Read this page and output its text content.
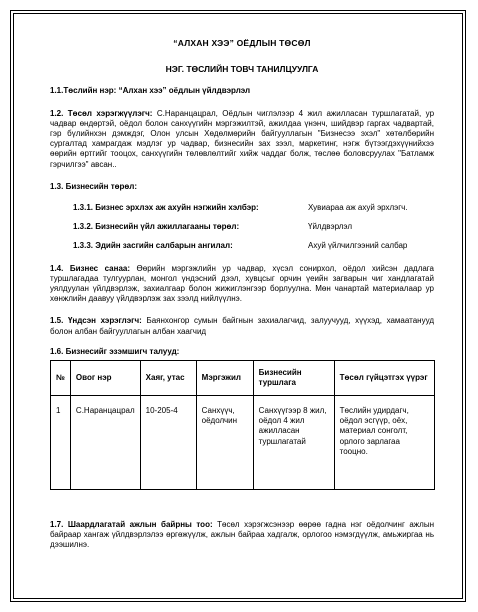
“АЛХАН ХЭЭ” ОЁДЛЫН ТӨСӨЛ
НЭГ. ТӨСЛИЙН ТОВЧ ТАНИЛЦУУЛГА
1.1.Төслийн нэр: “Алхан хээ” оёдлын үйлдвэрлэл
1.2. Төсөл хэрэгжүүлэгч: С.Наранцацрал, Оёдлын чиглэлээр 4 жил ажилласан туршлагатай, ур чадвар өндөртэй, оёдол болон санхүүгийн мэргэжилтэй, ажилдаа үнэнч, шийдвэр гаргах чадвартай, гэр бүлийнхэн дэмждэг, Олон улсын Хөдөлмөрийн байгууллагын "Бизнесээ эхэл" хөтөлбөрийн сургалтад хамрагдаж мэдлэг ур чадвар, бизнесийн зах зээл, маркетинг, нэгж бүтээгдэхүүнийхээ өөрийн өртгийг тооцох, санхүүгийн төлөвлөлтийг хийж чаддаг болж, төслөө боловсруулах "Батламж гэрчилгээ" авсан..
1.3. Бизнесийн төрөл:
1.3.1. Бизнес эрхлэх аж ахуйн нэгжийн хэлбэр:	Хувиараа аж ахуй эрхлэгч.
1.3.2. Бизнесийн үйл ажиллагааны төрөл:	Үйлдвэрлэл
1.3.3. Эдийн засгийн салбарын ангилал:	Ахуй үйлчилгээний салбар
1.4. Бизнес санаа: Өөрийн мэргэжлийн ур чадвар, хүсэл сонирхол, оёдол хийсэн дадлага туршлагадаа тулгуурлан, монгол үндэсний дээл, хувцсыг орчин үеийн загварын чиг хандлагатай уялдуулан үйлдвэрлэж, захиалгаар болон жижиглэнгээр борлуулна. Мөн чанартай материалаар ур хөнжлийн даавуу үйлдвэрлэж зах зээлд нийлүүлнэ.
1.5. Үндсэн хэрэглэгч: Баянхонгор сумын байгнын захиалагчид, залуучууд, хүүхэд, хамаатанууд болон албан байгууллагын албан хаагчид
1.6. Бизнесийг эзэмшигч талууд:
№	Овог нэр	Хаяг, утас	Мэргэжил	Бизнесийн туршлага	Төсөл гүйцэтгэх үүрэг
1	С.Наранцацрал	10-205-4	Санхүүч, оёдолчин	Санхүүгээр 8 жил, оёдол 4 жил ажилласан туршлагатай	Төслийн удирдагч, оёдол эсгүүр, оёх, материал сонголт, орлого зарлагаа тооцно.
1.7. Шаардлагатай ажлын байрны тоо: Төсөл хэрэгжсэнээр өөрөө гадна нэг оёдолчинг ажлын байраар хангаж үйлдвэрлэлээ өргөжүүлж, ажлын байраа хадгалж, орлогоо нэмэгдүүлж, амьжиргаа нь дээшилнэ.
